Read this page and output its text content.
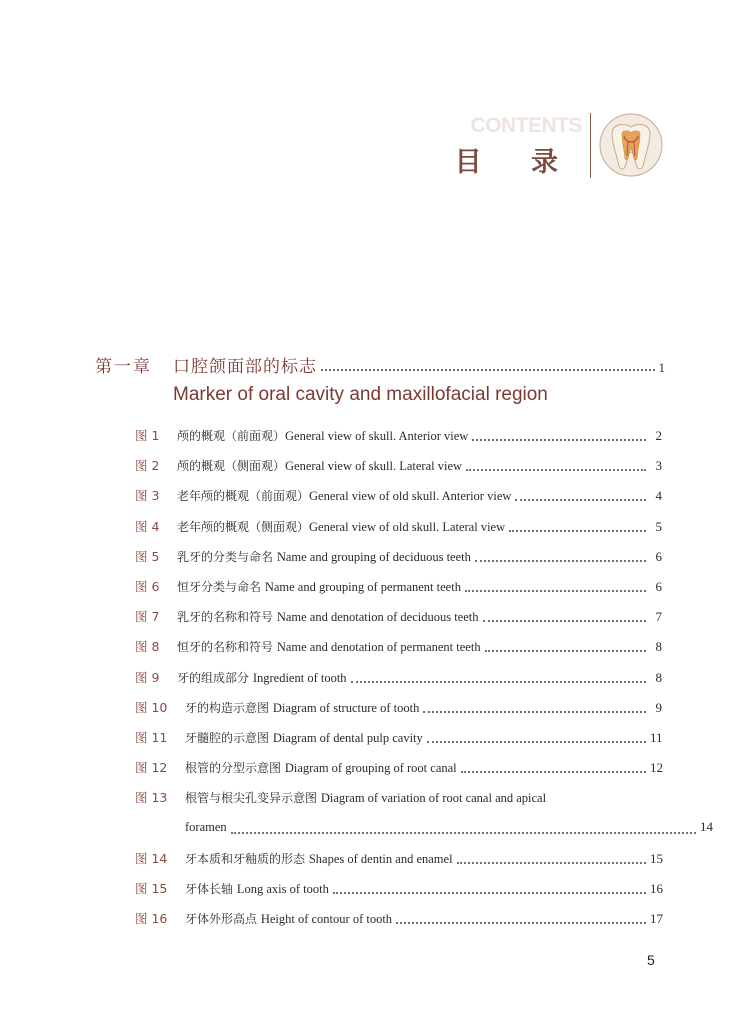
CONTENTS
目 录
第一章	口腔颌面部的标志	1
Marker of oral cavity and maxillofacial region
图 1	颅的概观（前面观）General view of skull. Anterior view	2
图 2	颅的概观（侧面观）General view of skull. Lateral view	3
图 3	老年颅的概观（前面观）General view of old skull. Anterior view	4
图 4	老年颅的概观（侧面观）General view of old skull. Lateral view	5
图 5	乳牙的分类与命名 Name and grouping of deciduous teeth	6
图 6	恒牙分类与命名 Name and grouping of permanent teeth	6
图 7	乳牙的名称和符号 Name and denotation of deciduous teeth	7
图 8	恒牙的名称和符号 Name and denotation of permanent teeth	8
图 9	牙的组成部分 Ingredient of tooth	8
图 10	牙的构造示意图 Diagram of structure of tooth	9
图 11	牙髓腔的示意图 Diagram of dental pulp cavity	11
图 12	根管的分型示意图 Diagram of grouping of root canal	12
图 13	根管与根尖孔变异示意图 Diagram of variation of root canal and apical
foramen	14
图 14	牙本质和牙釉质的形态 Shapes of dentin and enamel	15
图 15	牙体长轴 Long axis of tooth	16
图 16	牙体外形高点 Height of contour of tooth	17
5
